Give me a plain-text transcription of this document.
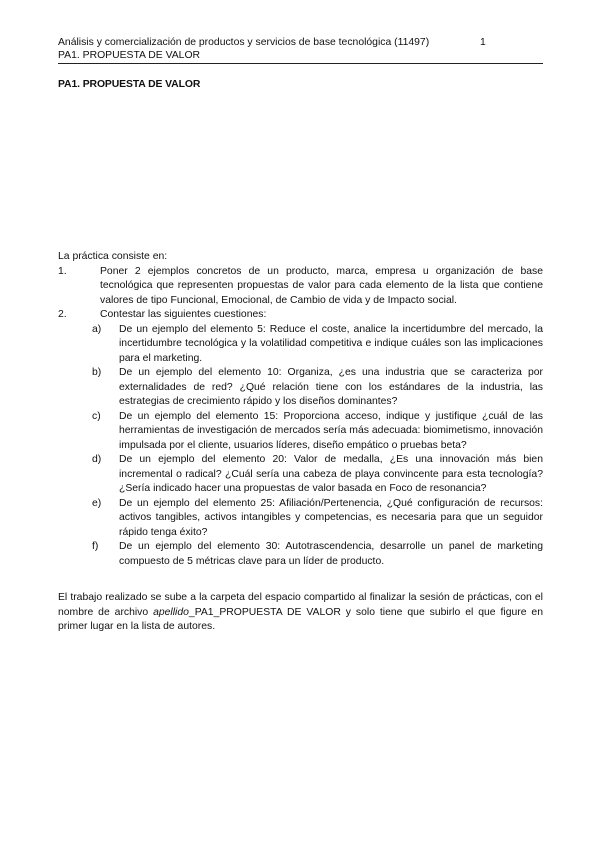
Análisis y comercialización de productos y servicios de base tecnológica (11497)	1
PA1. PROPUESTA DE VALOR
PA1. PROPUESTA DE VALOR
La práctica consiste en:
1.	Poner 2 ejemplos concretos de un producto, marca, empresa u organización de base tecnológica que representen propuestas de valor para cada elemento de la lista que contiene valores de tipo Funcional, Emocional, de Cambio de vida y de Impacto social.
2.	Contestar las siguientes cuestiones:
a) De un ejemplo del elemento 5: Reduce el coste, analice la incertidumbre del mercado, la incertidumbre tecnológica y la volatilidad competitiva e indique cuáles son las implicaciones para el marketing.
b) De un ejemplo del elemento 10: Organiza, ¿es una industria que se caracteriza por externalidades de red? ¿Qué relación tiene con los estándares de la industria, las estrategias de crecimiento rápido y los diseños dominantes?
c) De un ejemplo del elemento 15: Proporciona acceso, indique y justifique ¿cuál de las herramientas de investigación de mercados sería más adecuada: biomimetismo, innovación impulsada por el cliente, usuarios líderes, diseño empático o pruebas beta?
d) De un ejemplo del elemento 20: Valor de medalla, ¿Es una innovación más bien incremental o radical? ¿Cuál sería una cabeza de playa convincente para esta tecnología? ¿Sería indicado hacer una propuestas de valor basada en Foco de resonancia?
e) De un ejemplo del elemento 25: Afiliación/Pertenencia, ¿Qué configuración de recursos: activos tangibles, activos intangibles y competencias, es necesaria para que un seguidor rápido tenga éxito?
f) De un ejemplo del elemento 30: Autotrascendencia, desarrolle un panel de marketing compuesto de 5 métricas clave para un líder de producto.
El trabajo realizado se sube a la carpeta del espacio compartido al finalizar la sesión de prácticas, con el nombre de archivo apellido_PA1_PROPUESTA DE VALOR y solo tiene que subirlo el que figure en primer lugar en la lista de autores.
